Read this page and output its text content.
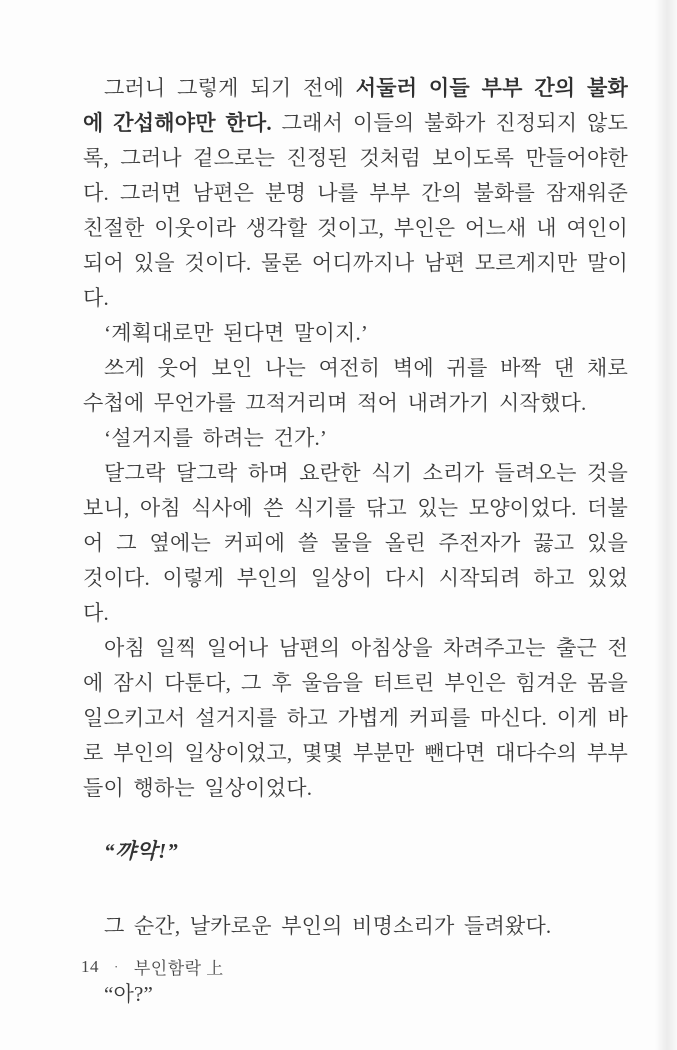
그러니 그렇게 되기 전에 서둘러 이들 부부 간의 불화에 간섭해야만 한다. 그래서 이들의 불화가 진정되지 않도록, 그러나 겉으로는 진정된 것처럼 보이도록 만들어야한다. 그러면 남편은 분명 나를 부부 간의 불화를 잠재워준 친절한 이웃이라 생각할 것이고, 부인은 어느새 내 여인이 되어 있을 것이다. 물론 어디까지나 남편 모르게지만 말이다.

‘계획대로만 된다면 말이지.’

쓰게 웃어 보인 나는 여전히 벽에 귀를 바짝 댄 채로 수첩에 무언가를 끄적거리며 적어 내려가기 시작했다.

‘설거지를 하려는 건가.’

달그락 달그락 하며 요란한 식기 소리가 들려오는 것을 보니, 아침 식사에 쓴 식기를 닦고 있는 모양이었다. 더불어 그 옆에는 커피에 쓸 물을 올린 주전자가 끓고 있을 것이다. 이렇게 부인의 일상이 다시 시작되려 하고 있었다.

아침 일찍 일어나 남편의 아침상을 차려주고는 출근 전에 잠시 다툰다, 그 후 울음을 터트린 부인은 힘겨운 몸을 일으키고서 설거지를 하고 가볍게 커피를 마신다. 이게 바로 부인의 일상이었고, 몇몇 부분만 뺀다면 대다수의 부부들이 행하는 일상이었다.

“꺄악!”

그 순간, 날카로운 부인의 비명소리가 들려왔다.

“아?”

14 · 부인함락 上
